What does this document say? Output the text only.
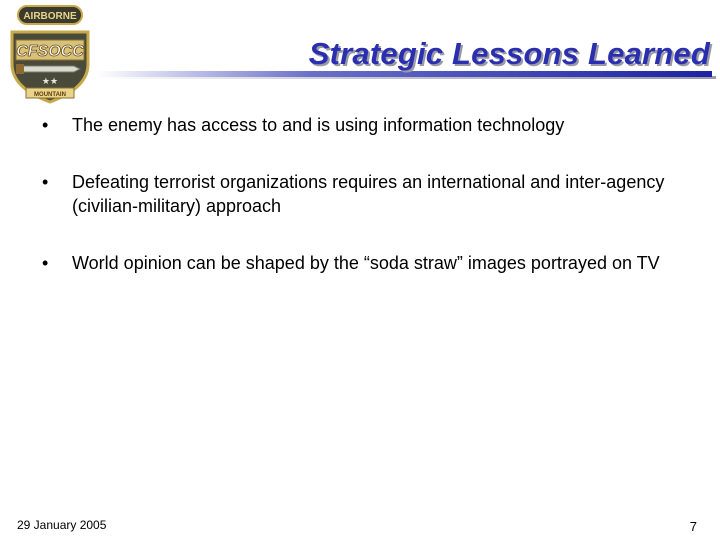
AIRBORNE
CFSOCC
★★
MOUNTAIN
Strategic Lessons Learned
•	The enemy has access to and is using information technology
•	Defeating terrorist organizations requires an international and inter-agency (civilian-military) approach
•	World opinion can be shaped by the “soda straw” images portrayed on TV
29 January 2005	7
